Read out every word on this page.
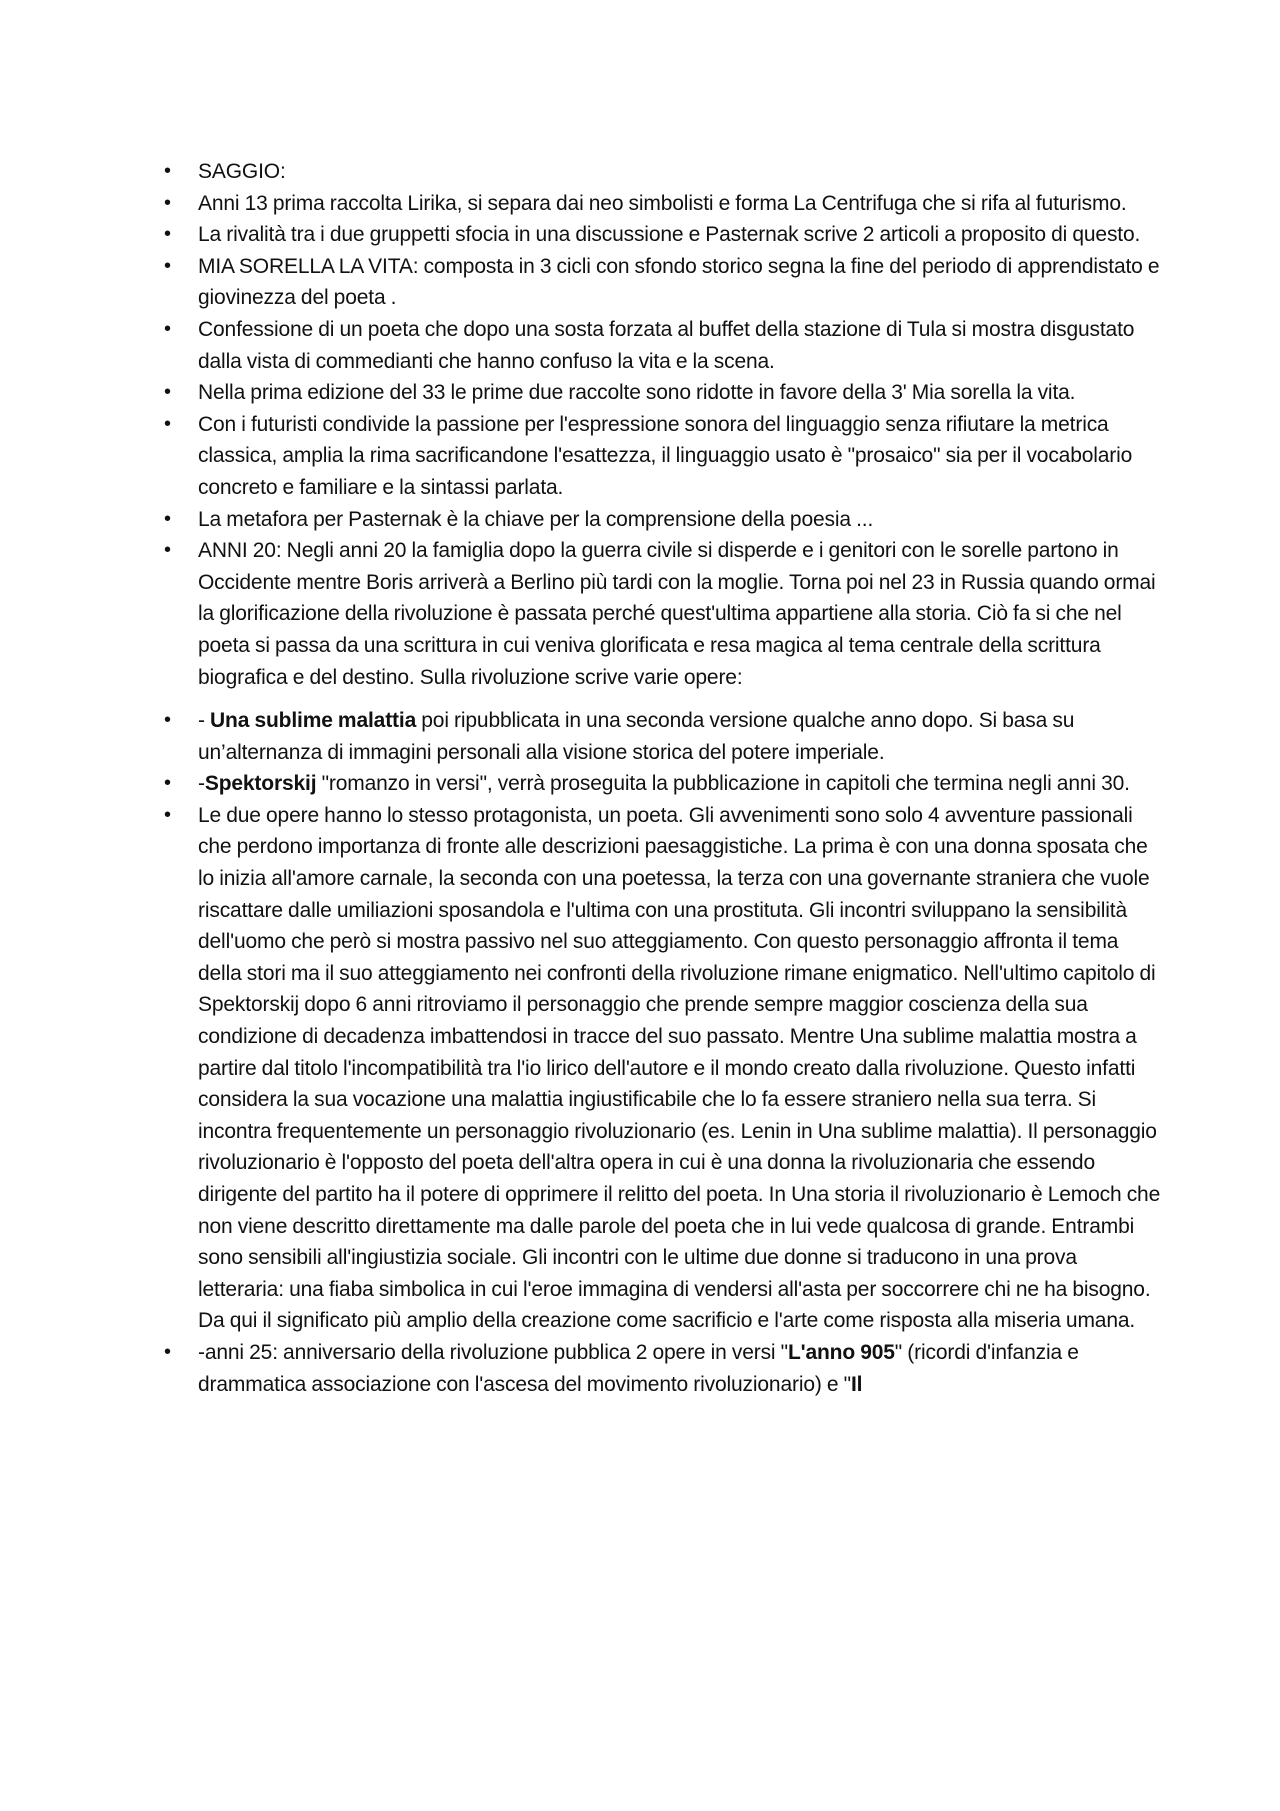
• SAGGIO:
• Anni 13 prima raccolta Lirika, si separa dai neo simbolisti e forma La Centrifuga che si rifa al futurismo.
• La rivalità tra i due gruppetti sfocia in una discussione e Pasternak scrive 2 articoli a proposito di questo.
• MIA SORELLA LA VITA: composta in 3 cicli con sfondo storico segna la fine del periodo di apprendistato e giovinezza del poeta .
• Confessione di un poeta che dopo una sosta forzata al buffet della stazione di Tula si mostra disgustato dalla vista di commedianti che hanno confuso la vita e la scena.
• Nella prima edizione del 33 le prime due raccolte sono ridotte in favore della 3' Mia sorella la vita.
• Con i futuristi condivide la passione per l'espressione sonora del linguaggio senza rifiutare la metrica classica, amplia la rima sacrificandone l'esattezza, il linguaggio usato è "prosaico" sia per il vocabolario concreto e familiare e la sintassi parlata.
• La metafora per Pasternak è la chiave per la comprensione della poesia ...
• ANNI 20: Negli anni 20 la famiglia dopo la guerra civile si disperde e i genitori con le sorelle partono in Occidente mentre Boris arriverà a Berlino più tardi con la moglie. Torna poi nel 23 in Russia quando ormai la glorificazione della rivoluzione è passata perché quest'ultima appartiene alla storia. Ciò fa si che nel poeta si passa da una scrittura in cui veniva glorificata e resa magica al tema centrale della scrittura biografica e del destino. Sulla rivoluzione scrive varie opere:
• - Una sublime malattia poi ripubblicata in una seconda versione qualche anno dopo. Si basa su un’alternanza di immagini personali alla visione storica del potere imperiale.
• -Spektorskij "romanzo in versi", verrà proseguita la pubblicazione in capitoli che termina negli anni 30.
• Le due opere hanno lo stesso protagonista, un poeta. Gli avvenimenti sono solo 4 avventure passionali che perdono importanza di fronte alle descrizioni paesaggistiche. La prima è con una donna sposata che lo inizia all'amore carnale, la seconda con una poetessa, la terza con una governante straniera che vuole riscattare dalle umiliazioni sposandola e l'ultima con una prostituta. Gli incontri sviluppano la sensibilità dell'uomo che però si mostra passivo nel suo atteggiamento. Con questo personaggio affronta il tema della stori ma il suo atteggiamento nei confronti della rivoluzione rimane enigmatico. Nell'ultimo capitolo di Spektorskij dopo 6 anni ritroviamo il personaggio che prende sempre maggior coscienza della sua condizione di decadenza imbattendosi in tracce del suo passato. Mentre Una sublime malattia mostra a partire dal titolo l'incompatibilità tra l'io lirico dell'autore e il mondo creato dalla rivoluzione. Questo infatti considera la sua vocazione una malattia ingiustificabile che lo fa essere straniero nella sua terra. Si incontra frequentemente un personaggio rivoluzionario (es. Lenin in Una sublime malattia). Il personaggio rivoluzionario è l'opposto del poeta dell'altra opera in cui è una donna la rivoluzionaria che essendo dirigente del partito ha il potere di opprimere il relitto del poeta. In Una storia il rivoluzionario è Lemoch che non viene descritto direttamente ma dalle parole del poeta che in lui vede qualcosa di grande. Entrambi sono sensibili all'ingiustizia sociale. Gli incontri con le ultime due donne si traducono in una prova letteraria: una fiaba simbolica in cui l'eroe immagina di vendersi all'asta per soccorrere chi ne ha bisogno. Da qui il significato più amplio della creazione come sacrificio e l'arte come risposta alla miseria umana.
• -anni 25: anniversario della rivoluzione pubblica 2 opere in versi "L'anno 905" (ricordi d'infanzia e drammatica associazione con l'ascesa del movimento rivoluzionario) e "Il
